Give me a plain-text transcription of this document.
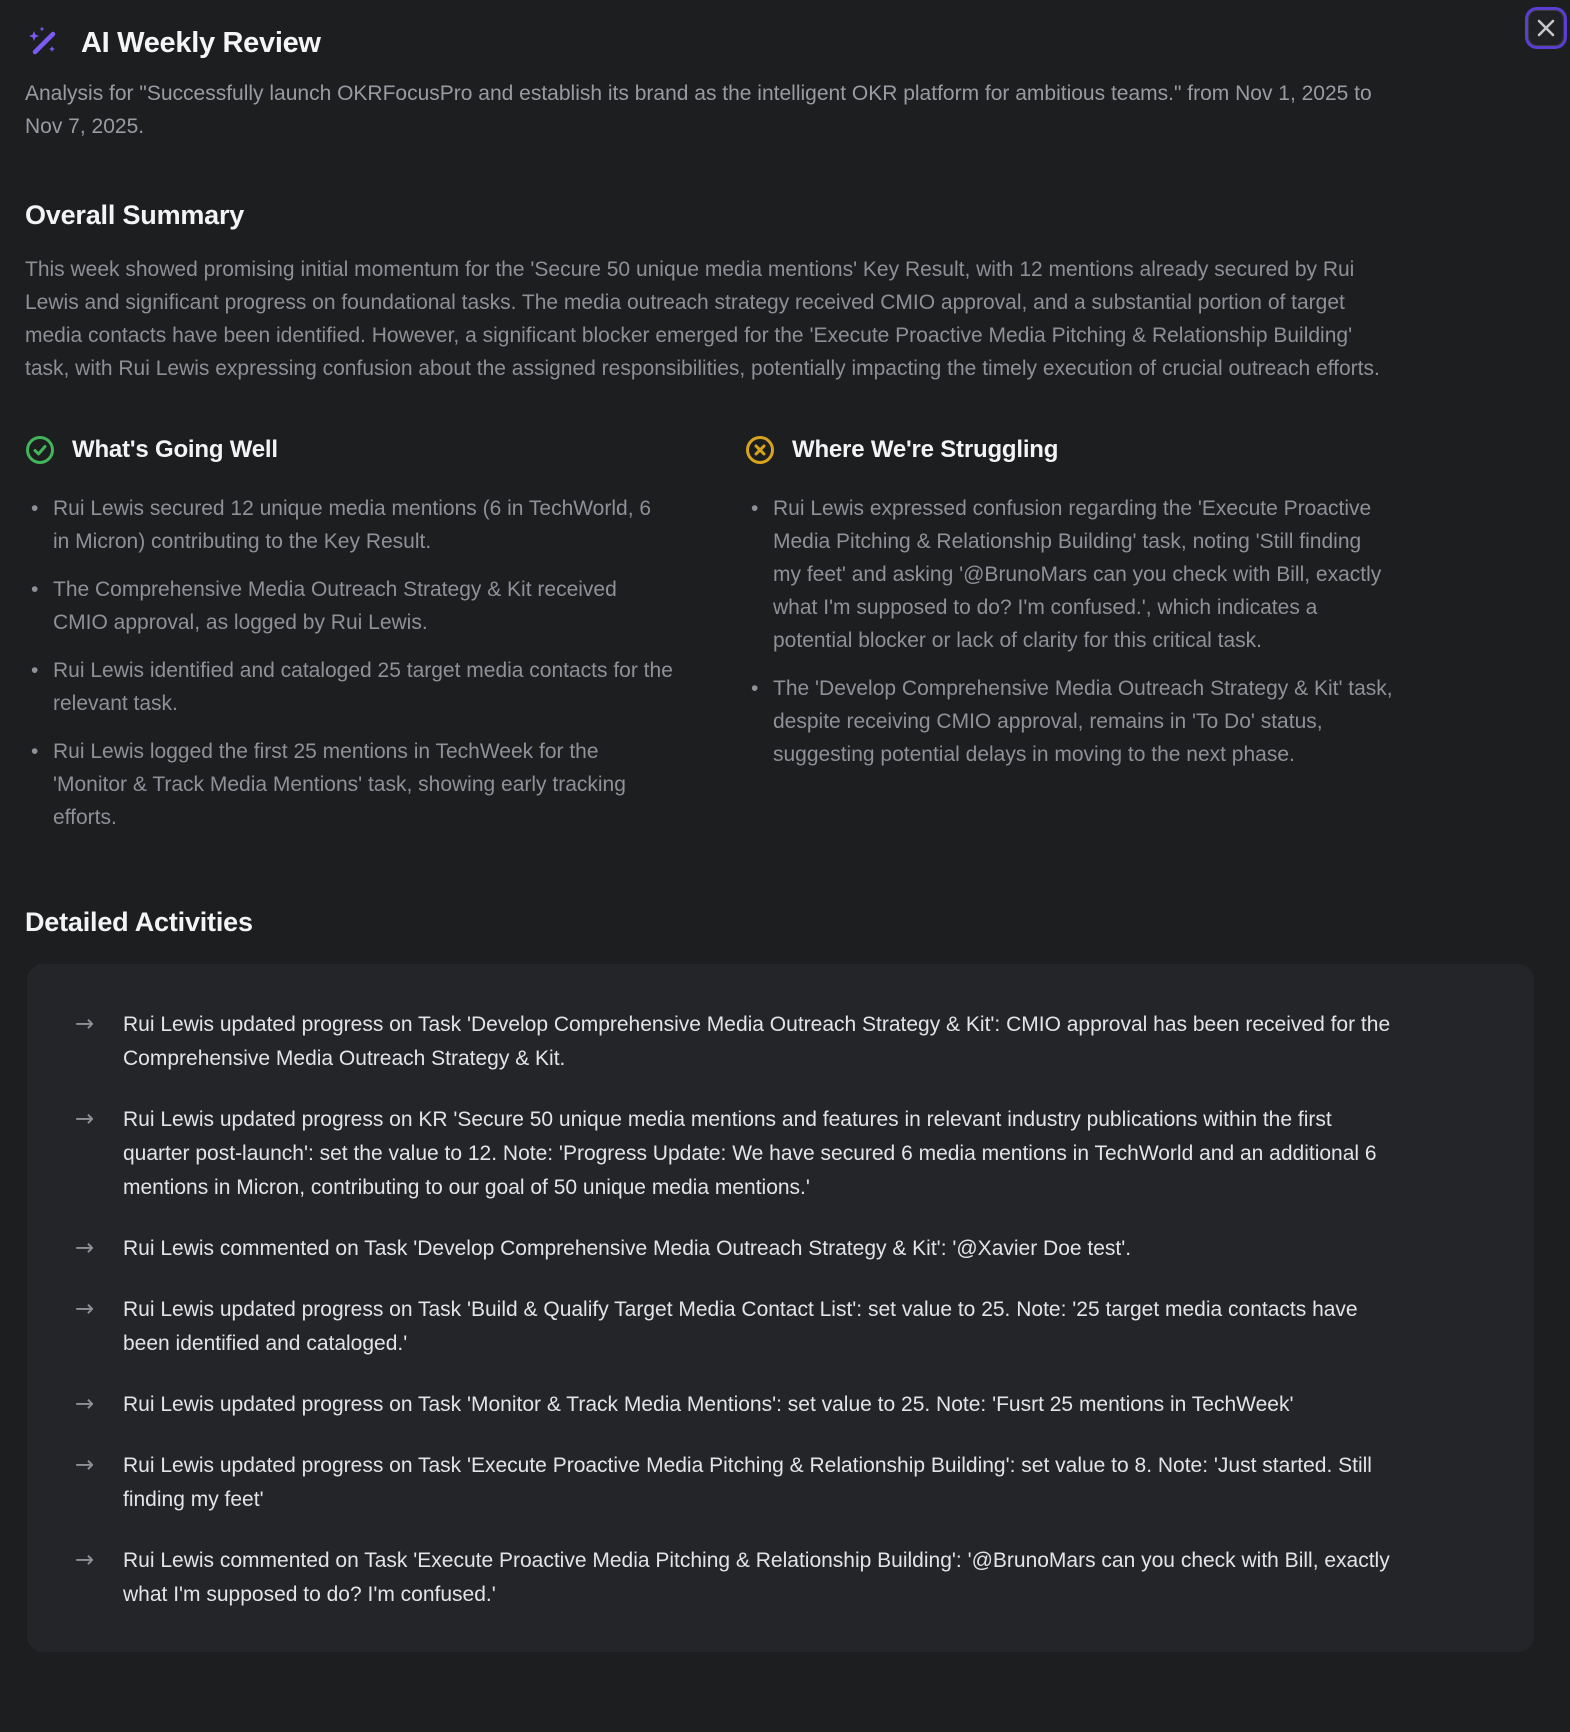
AI Weekly Review

Analysis for "Successfully launch OKRFocusPro and establish its brand as the intelligent OKR platform for ambitious teams." from Nov 1, 2025 to Nov 7, 2025.

Overall Summary

This week showed promising initial momentum for the 'Secure 50 unique media mentions' Key Result, with 12 mentions already secured by Rui Lewis and significant progress on foundational tasks. The media outreach strategy received CMIO approval, and a substantial portion of target media contacts have been identified. However, a significant blocker emerged for the 'Execute Proactive Media Pitching & Relationship Building' task, with Rui Lewis expressing confusion about the assigned responsibilities, potentially impacting the timely execution of crucial outreach efforts.

What's Going Well
• Rui Lewis secured 12 unique media mentions (6 in TechWorld, 6 in Micron) contributing to the Key Result.
• The Comprehensive Media Outreach Strategy & Kit received CMIO approval, as logged by Rui Lewis.
• Rui Lewis identified and cataloged 25 target media contacts for the relevant task.
• Rui Lewis logged the first 25 mentions in TechWeek for the 'Monitor & Track Media Mentions' task, showing early tracking efforts.
Where We're Struggling
• Rui Lewis expressed confusion regarding the 'Execute Proactive Media Pitching & Relationship Building' task, noting 'Still finding my feet' and asking '@BrunoMars can you check with Bill, exactly what I'm supposed to do? I'm confused.', which indicates a potential blocker or lack of clarity for this critical task.
• The 'Develop Comprehensive Media Outreach Strategy & Kit' task, despite receiving CMIO approval, remains in 'To Do' status, suggesting potential delays in moving to the next phase.
Detailed Activities
→	Rui Lewis updated progress on Task 'Develop Comprehensive Media Outreach Strategy & Kit': CMIO approval has been received for the Comprehensive Media Outreach Strategy & Kit.
→	Rui Lewis updated progress on KR 'Secure 50 unique media mentions and features in relevant industry publications within the first quarter post-launch': set the value to 12. Note: 'Progress Update: We have secured 6 media mentions in TechWorld and an additional 6 mentions in Micron, contributing to our goal of 50 unique media mentions.'
→	Rui Lewis commented on Task 'Develop Comprehensive Media Outreach Strategy & Kit': '@Xavier Doe test'.
→	Rui Lewis updated progress on Task 'Build & Qualify Target Media Contact List': set value to 25. Note: '25 target media contacts have been identified and cataloged.'
→	Rui Lewis updated progress on Task 'Monitor & Track Media Mentions': set value to 25. Note: 'Fusrt 25 mentions in TechWeek'
→	Rui Lewis updated progress on Task 'Execute Proactive Media Pitching & Relationship Building': set value to 8. Note: 'Just started. Still finding my feet'
→	Rui Lewis commented on Task 'Execute Proactive Media Pitching & Relationship Building': '@BrunoMars can you check with Bill, exactly what I'm supposed to do? I'm confused.'
